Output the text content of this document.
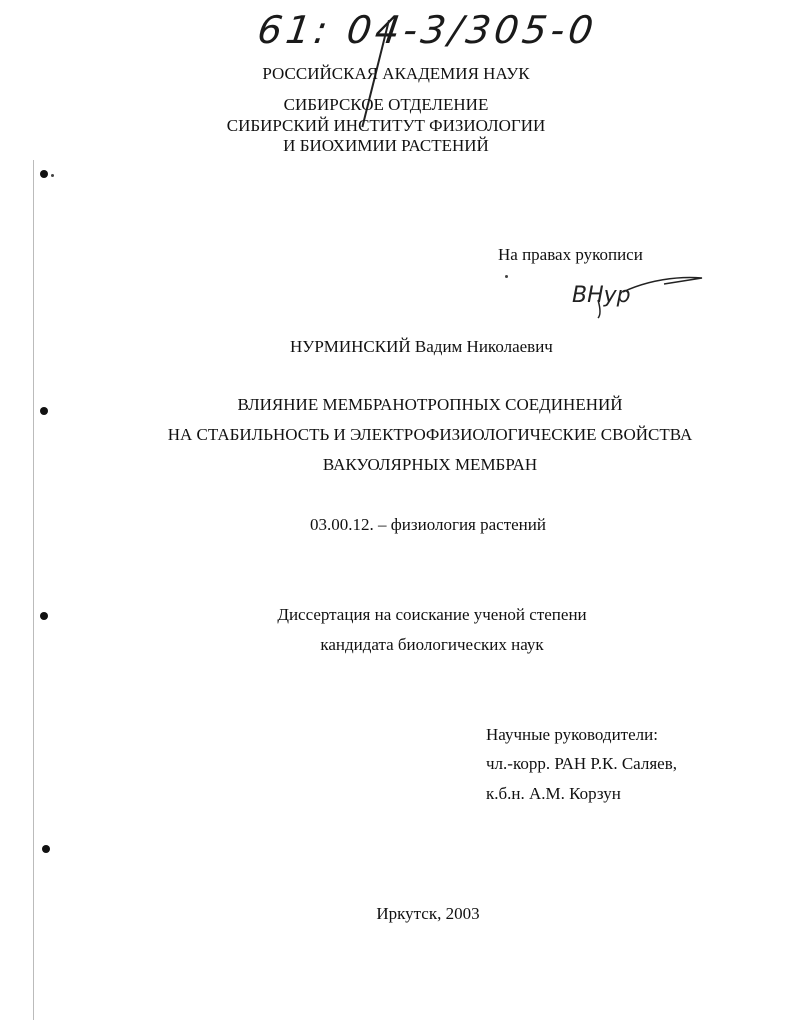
61: 04-3/305-0
РОССИЙСКАЯ АКАДЕМИЯ НАУК
СИБИРСКОЕ ОТДЕЛЕНИЕ
СИБИРСКИЙ ИНСТИТУТ ФИЗИОЛОГИИ
И БИОХИМИИ РАСТЕНИЙ
На правах рукописи
ВНур
НУРМИНСКИЙ Вадим Николаевич
ВЛИЯНИЕ МЕМБРАНОТРОПНЫХ СОЕДИНЕНИЙ
НА СТАБИЛЬНОСТЬ И ЭЛЕКТРОФИЗИОЛОГИЧЕСКИЕ СВОЙСТВА
ВАКУОЛЯРНЫХ МЕМБРАН
03.00.12. – физиология растений
Диссертация на соискание ученой степени
кандидата биологических наук
Научные руководители:
чл.-корр. РАН Р.К. Саляев,
к.б.н. А.М. Корзун
Иркутск, 2003
